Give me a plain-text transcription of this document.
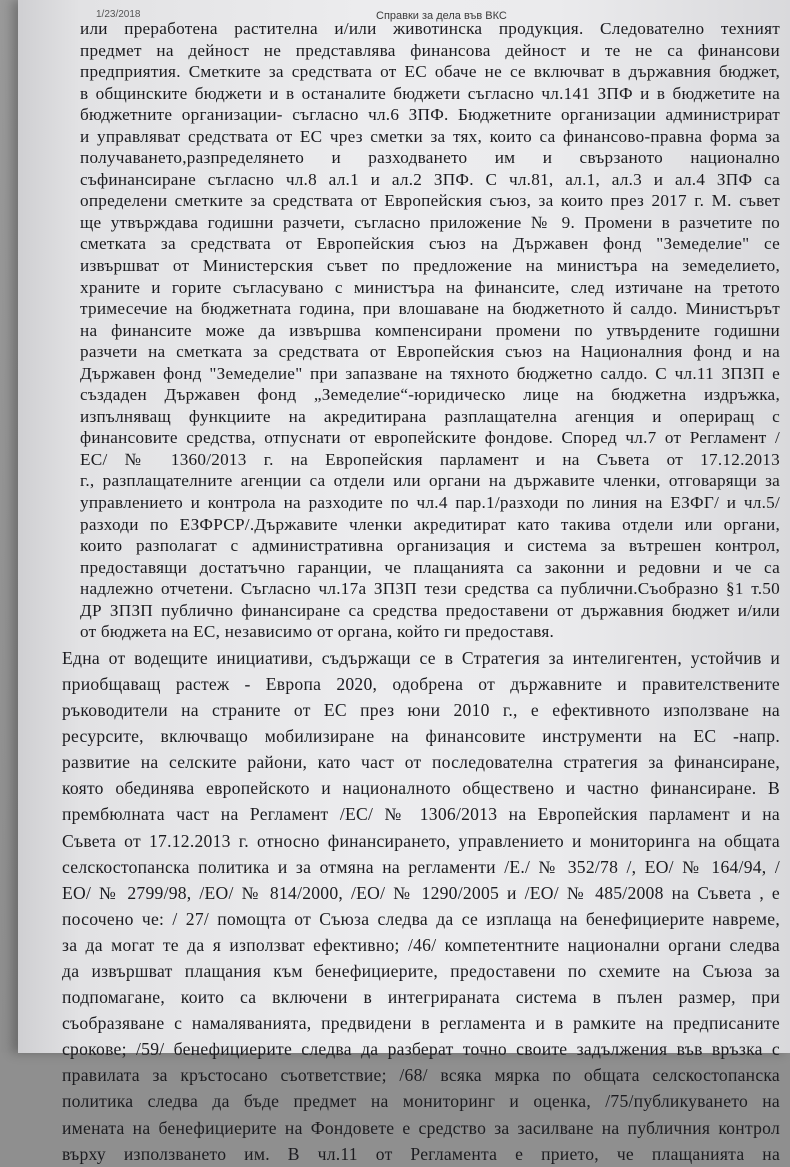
1/23/2018	Справки за дела във ВКС
или преработена растителна и/или животинска продукция. Следователно техният
предмет на дейност не представлява финансова дейност и те не са финансови
предприятия. Сметките за средствата от ЕС обаче не се включват в държавния бюджет,
в общинските бюджети и в останалите бюджети съгласно чл.141 ЗПФ и в бюджетите на
бюджетните организации- съгласно чл.6 ЗПФ. Бюджетните организации администрират
и управляват средствата от ЕС чрез сметки за тях, които са финансово-правна форма за
получаването,разпределянето и разходването им и свързаното национално
съфинансиране съгласно чл.8 ал.1 и ал.2 ЗПФ. С чл.81, ал.1, ал.3 и ал.4 ЗПФ са
определени сметките за средствата от Европейския съюз, за които през 2017 г. М. съвет
ще утвърждава годишни разчети, съгласно приложение № 9. Промени в разчетите по
сметката за средствата от Европейския съюз на Държавен фонд "Земеделие" се
извършват от Министерския съвет по предложение на министъра на земеделието,
храните и горите съгласувано с министъра на финансите, след изтичане на третото
тримесечие на бюджетната година, при влошаване на бюджетното й салдо. Министърът
на финансите може да извършва компенсирани промени по утвърдените годишни
разчети на сметката за средствата от Европейския съюз на Националния фонд и на
Държавен фонд "Земеделие" при запазване на тяхното бюджетно салдо. С чл.11 ЗПЗП е
създаден Държавен фонд „Земеделие“-юридическо лице на бюджетна издръжка,
изпълняващ функциите на акредитирана разплащателна агенция и опериращ с
финансовите средства, отпуснати от европейските фондове. Според чл.7 от Регламент /
ЕС/ № 1360/2013 г. на Европейския парламент и на Съвета от 17.12.2013
г., разплащателните агенции са отдели или органи на държавите членки, отговарящи за
управлението и контрола на разходите по чл.4 пар.1/разходи по линия на ЕЗФГ/ и чл.5/
разходи по ЕЗФРСР/.Държавите членки акредитират като такива отдели или органи,
които разполагат с административна организация и система за вътрешен контрол,
предоставящи достатъчно гаранции, че плащанията са законни и редовни и че са
надлежно отчетени. Съгласно чл.17а ЗПЗП тези средства са публични.Съобразно §1 т.50
ДР ЗПЗП публично финансиране са средства предоставени от държавния бюджет и/или
от бюджета на ЕС, независимо от органа, който ги предоставя.
Една от водещите инициативи, съдържащи се в Стратегия за интелигентен, устойчив и
приобщаващ растеж - Европа 2020, одобрена от държавните и правителствените
ръководители на страните от ЕС през юни 2010 г., е ефективното използване на
ресурсите, включващо мобилизиране на финансовите инструменти на ЕС -напр.
развитие на селските райони, като част от последователна стратегия за финансиране,
която обединява европейското и националното обществено и частно финансиране. В
прембюлната част на Регламент /ЕС/ № 1306/2013 на Европейския парламент и на
Съвета от 17.12.2013 г. относно финансирането, управлението и мониторинга на общата
селскостопанска политика и за отмяна на регламенти /Е./ № 352/78 /, ЕО/ № 164/94, /
ЕО/ № 2799/98, /ЕО/ № 814/2000, /ЕО/ № 1290/2005 и /ЕО/ № 485/2008 на Съвета , е
посочено че: / 27/ помощта от Съюза следва да се изплаща на бенефициерите навреме,
за да могат те да я използват ефективно; /46/ компетентните национални органи следва
да извършват плащания към бенефициерите, предоставени по схемите на Съюза за
подпомагане, които са включени в интегрираната система в пълен размер, при
съобразяване с намаляванията, предвидени в регламента и в рамките на предписаните
срокове; /59/ бенефициерите следва да разберат точно своите задължения във връзка с
правилата за кръстосано съответствие; /68/ всяка мярка по общата селскостопанска
политика следва да бъде предмет на мониторинг и оценка, /75/публикуването на
имената на бенефициерите на Фондовете е средство за засилване на публичния контрол
върху използването им. В чл.11 от Регламента е прието, че плащанията на
